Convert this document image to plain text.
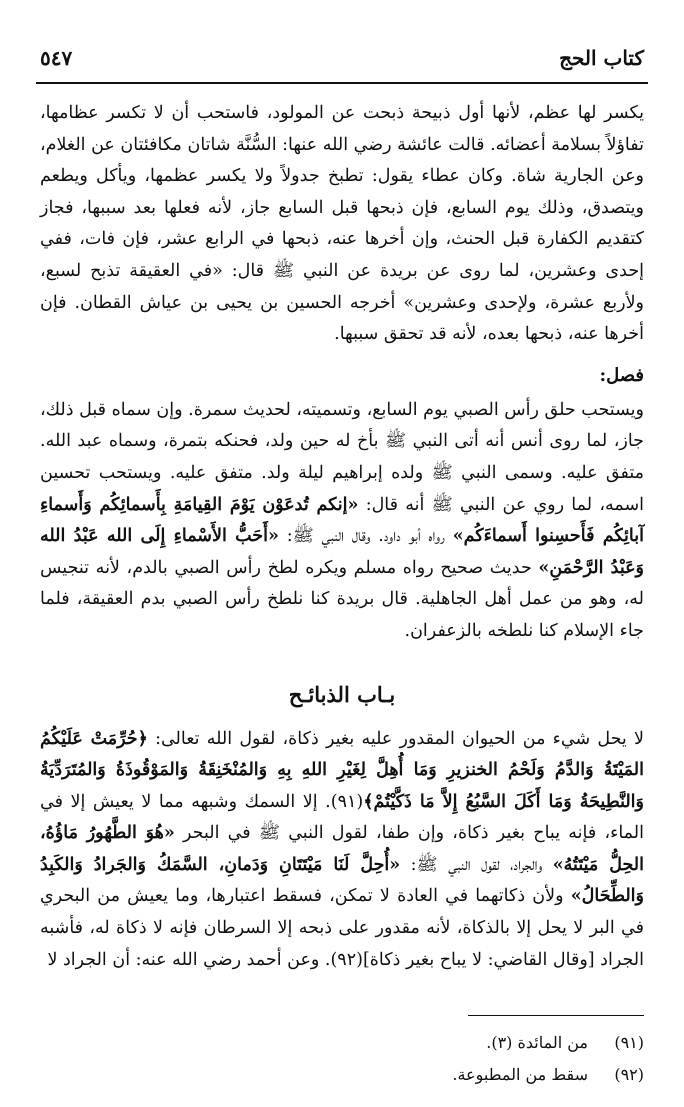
كتاب الحج
٥٤٧

يكسر لها عظم، لأنها أول ذبيحة ذبحت عن المولود، فاستحب أن لا تكسر عظامها، تفاؤلاً بسلامة أعضائه. قالت عائشة رضي الله عنها: السُّنَّة شاتان مكافئتان عن الغلام، وعن الجارية شاة. وكان عطاء يقول: تطبخ جدولاً ولا يكسر عظمها، ويأكل ويطعم ويتصدق، وذلك يوم السابع، فإن ذبحها قبل السابع جاز، لأنه فعلها بعد سببها، فجاز كتقديم الكفارة قبل الحنث، وإن أخرها عنه، ذبحها في الرابع عشر، فإن فات، ففي إحدى وعشرين، لما روى عن بريدة عن النبي ﷺ قال: «في العقيقة تذبح لسبع، ولأربع عشرة، ولإحدى وعشرين» أخرجه الحسين بن يحيى بن عياش القطان. فإن أخرها عنه، ذبحها بعده، لأنه قد تحقق سببها.

فصل:

ويستحب حلق رأس الصبي يوم السابع، وتسميته، لحديث سمرة. وإن سماه قبل ذلك، جاز، لما روى أنس أنه أتى النبي ﷺ بأخ له حين ولد، فحنكه بتمرة، وسماه عبد الله. متفق عليه. وسمى النبي ﷺ ولده إبراهيم ليلة ولد. متفق عليه. ويستحب تحسين اسمه، لما روي عن النبي ﷺ أنه قال: «إنكم تُدعَوْن يَوْمَ القِيامَةِ بِأَسمائِكُم وَأَسماءِ آبائِكُم فَأَحسِنوا أَسماءَكُم» رواه أبو داود. وقال النبي ﷺ: «أَحَبُّ الأَسْماءِ إِلَى الله عَبْدُ الله وَعَبْدُ الرَّحْمَنِ» حديث صحيح رواه مسلم ويكره لطخ رأس الصبي بالدم، لأنه تنجيس له، وهو من عمل أهل الجاهلية. قال بريدة كنا نلطخ رأس الصبي بدم العقيقة، فلما جاء الإسلام كنا نلطخه بالزعفران.

بـاب الذبائـح

لا يحل شيء من الحيوان المقدور عليه بغير ذكاة، لقول الله تعالى: ﴿حُرِّمَتْ عَلَيْكُمُ المَيْتَةُ وَالدَّمُ وَلَحْمُ الخنزيرِ وَمَا أُهِلَّ لِغَيْرِ اللهِ بِهِ وَالمُنْخَنِقَةُ وَالمَوْقُوذَةُ وَالمُتَرَدِّيَةُ وَالنَّطِيحَةُ وَمَا أَكَلَ السَّبُعُ إِلاَّ مَا ذَكَّيْتُمْ﴾(٩١). إلا السمك وشبهه مما لا يعيش إلا في الماء، فإنه يباح بغير ذكاة، وإن طفا، لقول النبي ﷺ في البحر «هُوَ الطَّهُورُ مَاؤُهُ، الحِلُّ مَيْتَتُهُ» والجراد، لقول النبي ﷺ: «أُحِلَّ لَنَا مَيْتَتَانِ وَدَمانِ، السَّمَكُ وَالجَرادُ وَالكَبِدُ وَالطِّحَالُ» ولأن ذكاتهما في العادة لا تمكن، فسقط اعتبارها، وما يعيش من البحري في البر لا يحل إلا بالذكاة، لأنه مقدور على ذبحه إلا السرطان فإنه لا ذكاة له، فأشبه الجراد [وقال القاضي: لا يباح بغير ذكاة](٩٢). وعن أحمد رضي الله عنه: أن الجراد لا

(٩١)من المائدة (٣).
(٩٢)سقط من المطبوعة.
